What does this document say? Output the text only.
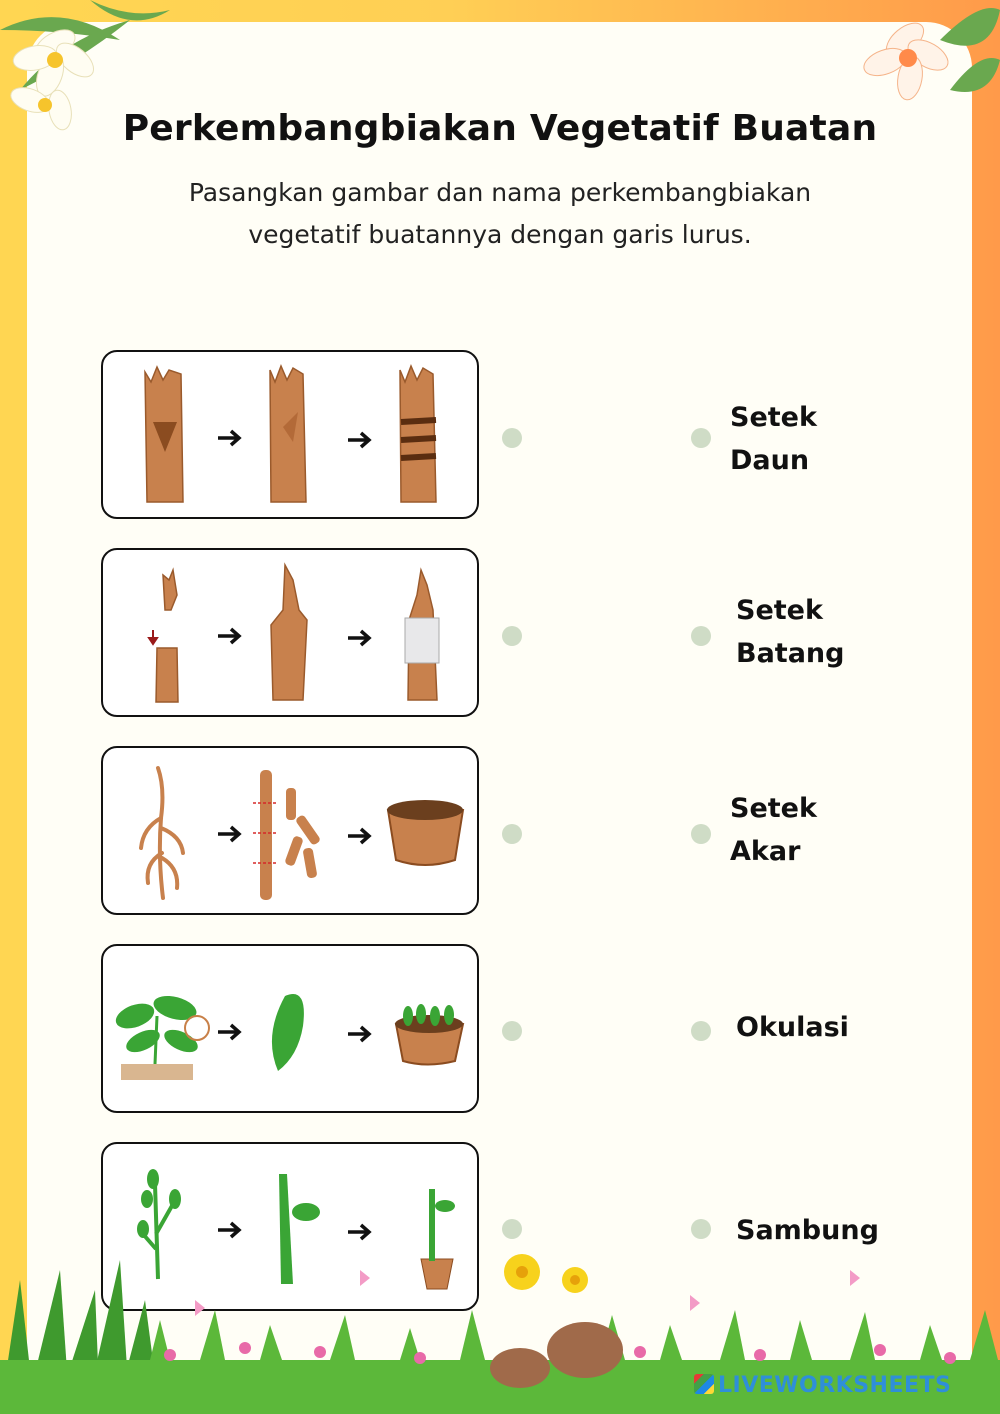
Perkembangbiakan Vegetatif Buatan
Pasangkan gambar dan nama perkembangbiakan
vegetatif buatannya dengan garis lurus.
Setek
Daun
Setek
Batang
Setek
Akar
Okulasi
Sambung
LIVEWORKSHEETS
